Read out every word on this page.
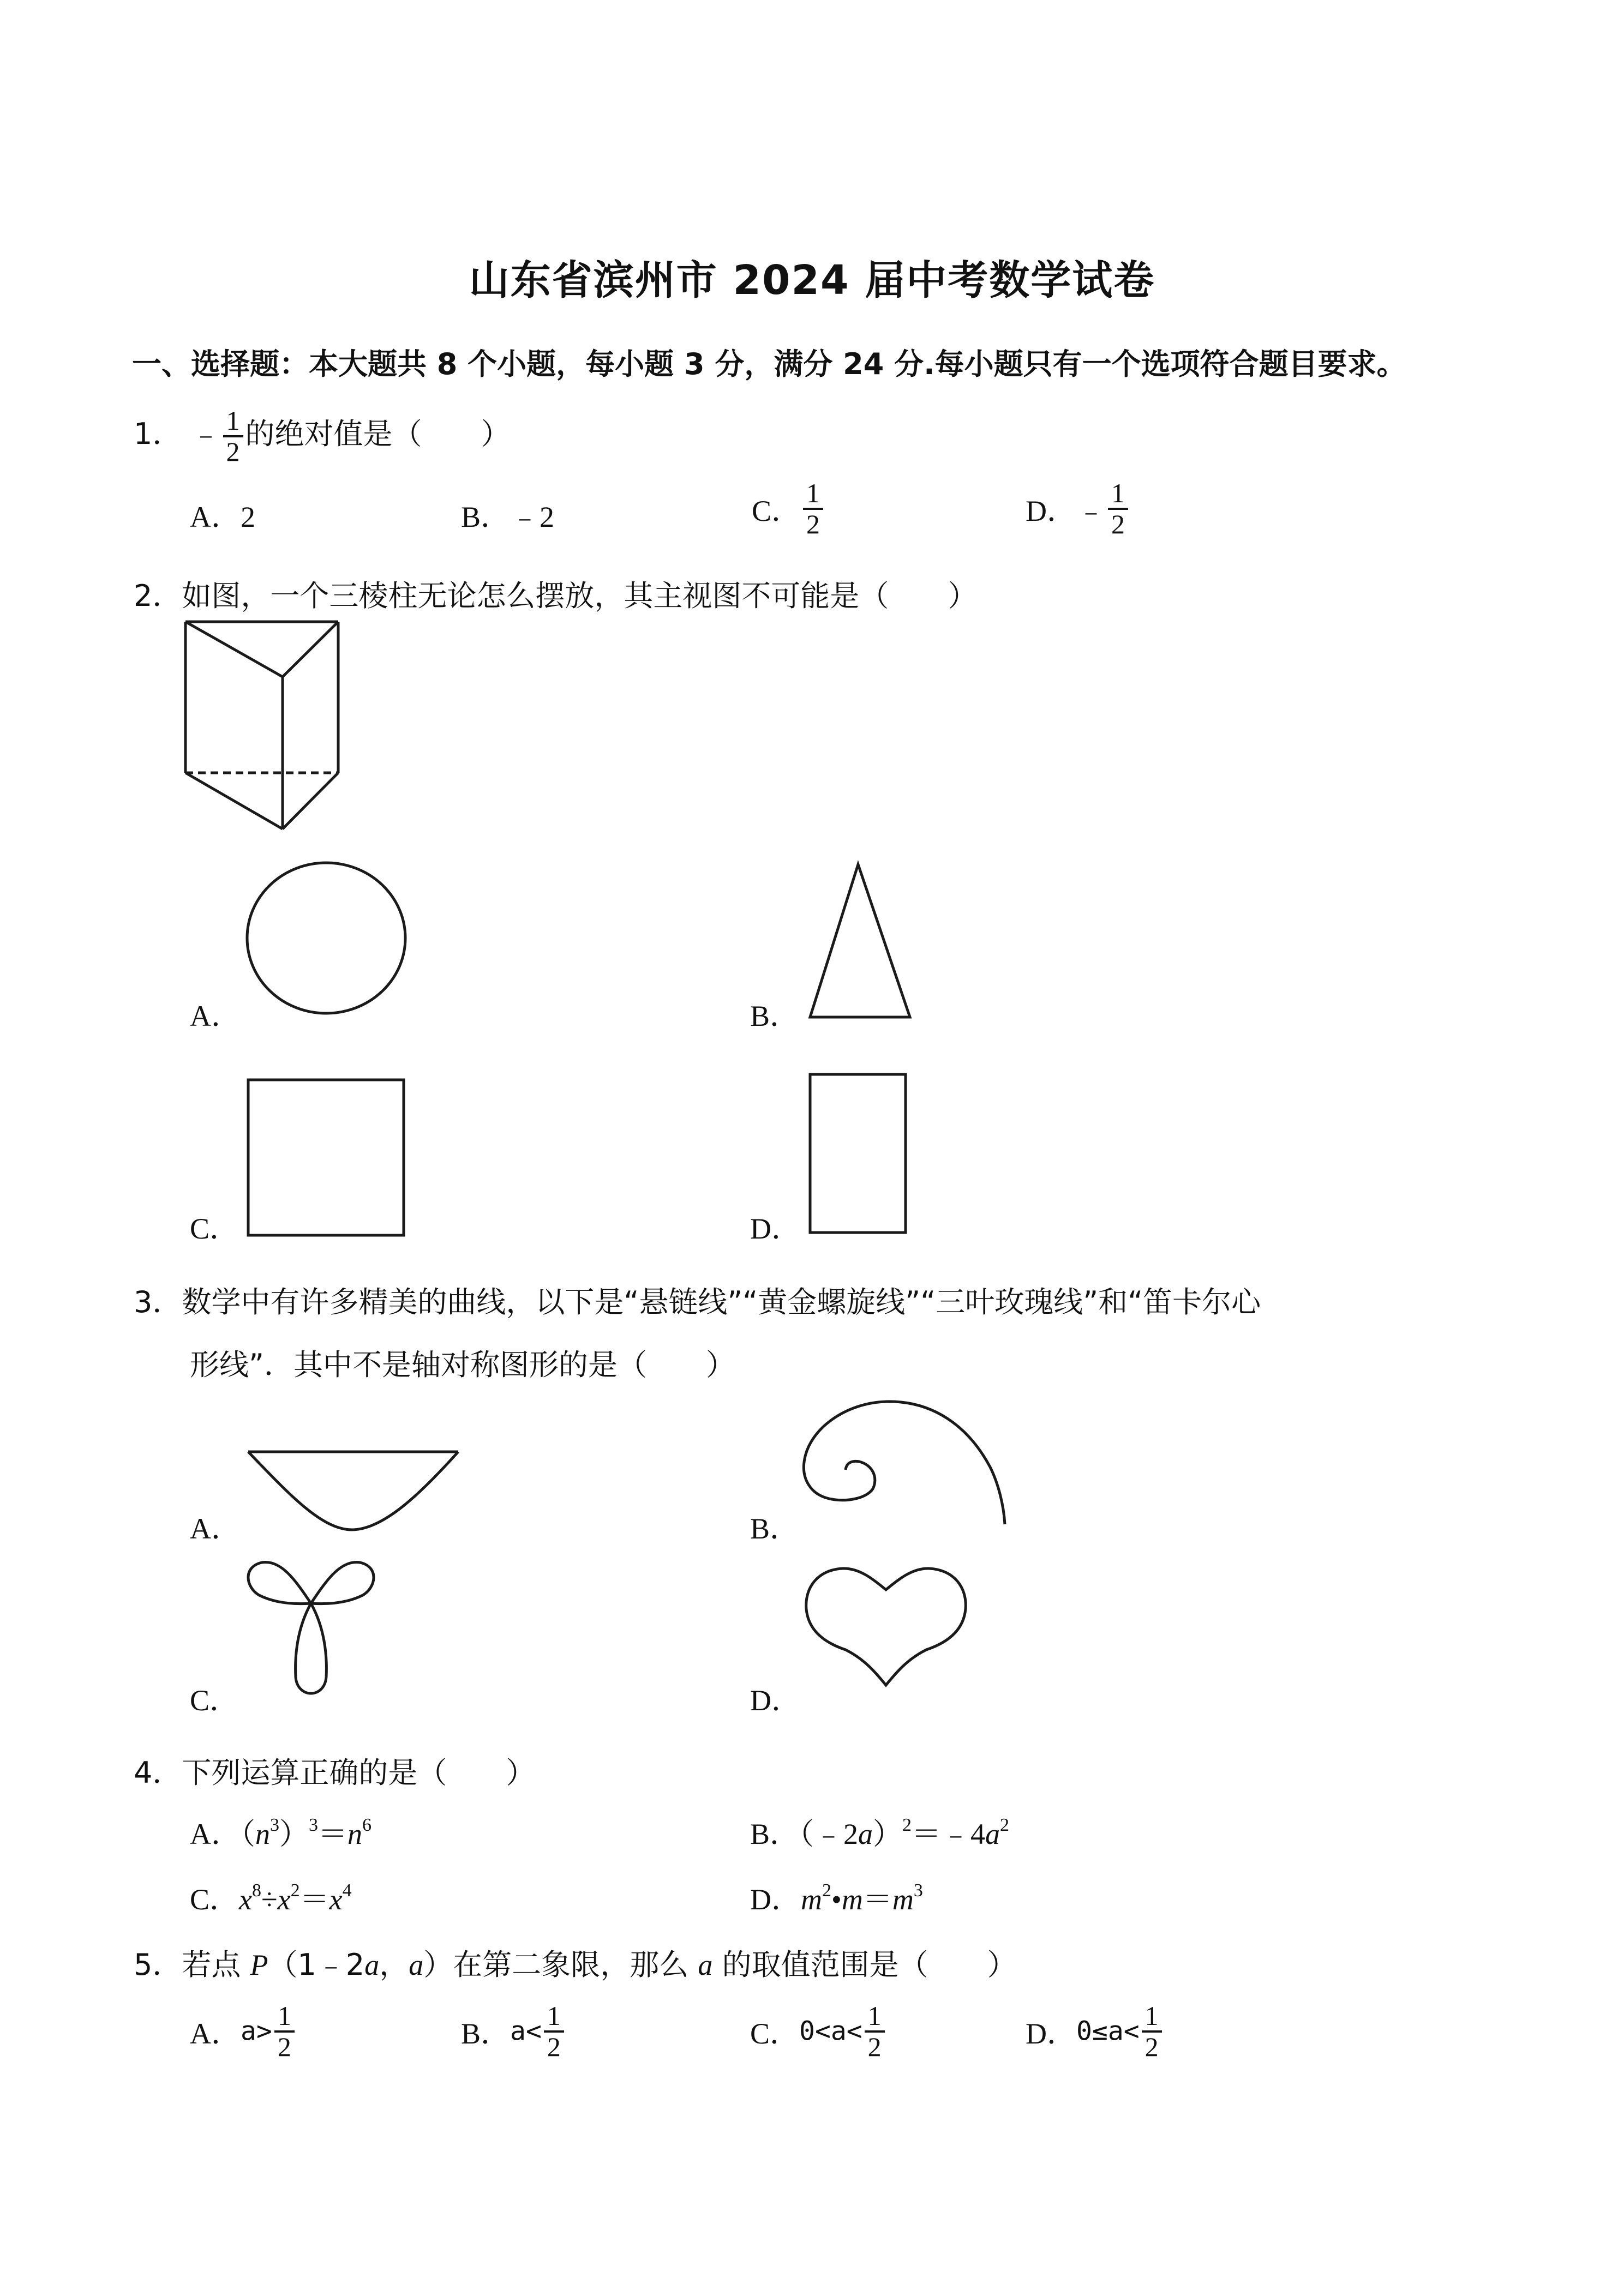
山东省滨州市 2024 届中考数学试卷
一、选择题：本大题共 8 个小题，每小题 3 分，满分 24 分.每小题只有一个选项符合题目要求。
1． ﹣ $\frac{1}{2}$ 的绝对值是（　　）
A．2	B．﹣2	C． $\frac{1}{2}$	D．﹣ $\frac{1}{2}$
2．如图，一个三棱柱无论怎么摆放，其主视图不可能是（　　）
A．	B．
C．	D．
3．数学中有许多精美的曲线，以下是“悬链线”“黄金螺旋线”“三叶玫瑰线”和“笛卡尔心
形线”．其中不是轴对称图形的是（　　）
A．	B．
C．	D．
4．下列运算正确的是（　　）
A．$(n^3)^3=n^6$	B．$(﹣2a)^2=﹣4a^2$
C．$x^8\div x^2=x^4$	D．$m^2•m=m^3$
5．若点 P（1﹣2a，a）在第二象限，那么 a 的取值范围是（　　）
A．$a> \frac{1}{2}$	B．$a< \frac{1}{2}$	C．$0<a< \frac{1}{2}$	D．$0\le a< \frac{1}{2}$
